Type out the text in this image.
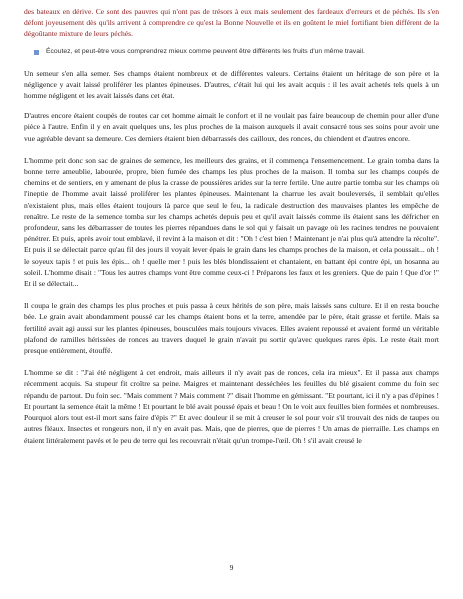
des bateaux en dérive. Ce sont des pauvres qui n'ont pas de trésors à eux mais seulement des fardeaux d'erreurs et de péchés. Ils s'en défont joyeusement dès qu'ils arrivent à comprendre ce qu'est la Bonne Nouvelle et ils en goûtent le miel fortifiant bien différent de la dégoûtante mixture de leurs péchés.

Écoutez, et peut-être vous comprendrez mieux comme peuvent être différents les fruits d'un même travail.

Un semeur s'en alla semer. Ses champs étaient nombreux et de différentes valeurs. Certains étaient un héritage de son père et la négligence y avait laissé proliférer les plantes épineuses. D'autres, c'était lui qui les avait acquis : il les avait achetés tels quels à un homme négligent et les avait laissés dans cet état.

D'autres encore étaient coupés de routes car cet homme aimait le confort et il ne voulait pas faire beaucoup de chemin pour aller d'une pièce à l'autre. Enfin il y en avait quelques uns, les plus proches de la maison auxquels il avait consacré tous ses soins pour avoir une vue agréable devant sa demeure. Ces derniers étaient bien débarrassés des cailloux, des ronces, du chiendent et d'autres encore.

L'homme prit donc son sac de graines de semence, les meilleurs des grains, et il commença l'ensemencement. Le grain tomba dans la bonne terre ameublie, labourée, propre, bien fumée des champs les plus proches de la maison. Il tomba sur les champs coupés de chemins et de sentiers, en y amenant de plus la crasse de poussières arides sur la terre fertile. Une autre partie tomba sur les champs où l'ineptie de l'homme avait laissé proliférer les plantes épineuses. Maintenant la charrue les avait bouleversés, il semblait qu'elles n'existaient plus, mais elles étaient toujours là parce que seul le feu, la radicale destruction des mauvaises plantes les empêche de renaître. Le reste de la semence tomba sur les champs achetés depuis peu et qu'il avait laissés comme ils étaient sans les défricher en profondeur, sans les débarrasser de toutes les pierres répandues dans le sol qui y faisait un pavage où les racines tendres ne pouvaient pénétrer. Et puis, après avoir tout emblavé, il revint à la maison et dit : "Oh ! c'est bien ! Maintenant je n'ai plus qu'à attendre la récolte". Et puis il se délectait parce qu'au fil des jours il voyait lever épais le grain dans les champs proches de la maison, et cela poussait... oh ! le soyeux tapis ! et puis les épis... oh ! quelle mer ! puis les blés blondissaient et chantaient, en battant épi contre épi, un hosanna au soleil. L'homme disait : "Tous les autres champs vont être comme ceux-ci ! Préparons les faux et les greniers. Que de pain ! Que d'or !" Et il se délectait...

Il coupa le grain des champs les plus proches et puis passa à ceux hérités de son père, mais laissés sans culture. Et il en resta bouche bée. Le grain avait abondamment poussé car les champs étaient bons et la terre, amendée par le père, était grasse et fertile. Mais sa fertilité avait agi aussi sur les plantes épineuses, bousculées mais toujours vivaces. Elles avaient repoussé et avaient formé un véritable plafond de ramilles hérissées de ronces au travers duquel le grain n'avait pu sortir qu'avec quelques rares épis. Le reste était mort presque entièrement, étouffé.

L'homme se dit : "J'ai été négligent à cet endroit, mais ailleurs il n'y avait pas de ronces, cela ira mieux". Et il passa aux champs récemment acquis. Sa stupeur fit croître sa peine. Maigres et maintenant desséchées les feuilles du blé gisaient comme du foin sec répandu de partout. Du foin sec. "Mais comment ? Mais comment ?" disait l'homme en gémissant. "Et pourtant, ici il n'y a pas d'épines ! Et pourtant la semence était la même ! Et pourtant le blé avait poussé épais et beau ! On le voit aux feuilles bien formées et nombreuses. Pourquoi alors tout est-il mort sans faire d'épis ?" Et avec douleur il se mit à creuser le sol pour voir s'il trouvait des nids de taupes ou autres fléaux. Insectes et rongeurs non, il n'y en avait pas. Mais, que de pierres, que de pierres ! Un amas de pierraille. Les champs en étaient littéralement pavés et le peu de terre qui les recouvrait n'était qu'un trompe-l'œil. Oh ! s'il avait creusé le

9
